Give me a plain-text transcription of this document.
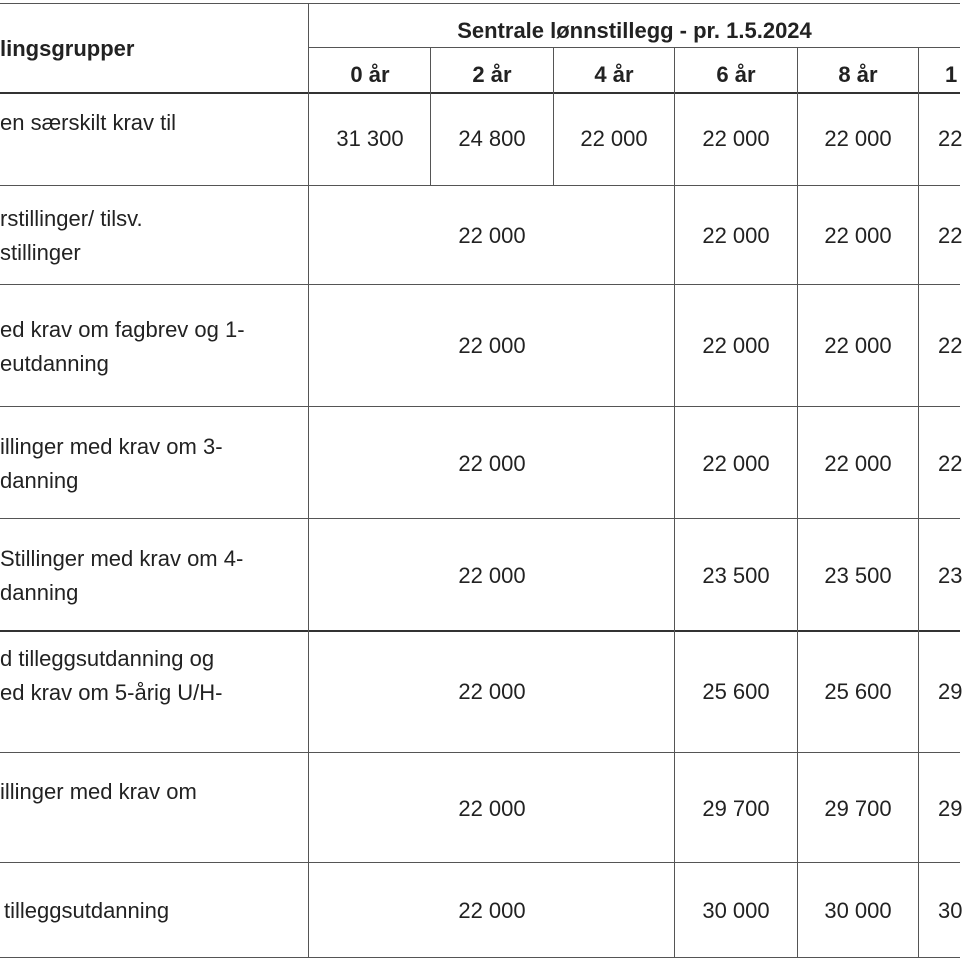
lingsgrupper
Sentrale lønnstillegg - pr. 1.5.2024
0 år	2 år	4 år	6 år	8 år	1
en særskilt krav til
31 300	24 800	22 000	22 000	22 000	22
rstillinger/ tilsv.
stillinger
22 000	22 000	22 000	22
ed krav om fagbrev og 1-
eutdanning
22 000	22 000	22 000	22
illinger med krav om 3-
danning
22 000	22 000	22 000	22
Stillinger med krav om 4-
danning
22 000	23 500	23 500	23
d tilleggsutdanning og
ed krav om 5-årig U/H-	22 000	25 600	25 600	29
illinger med krav om
22 000	29 700	29 700	29
tilleggsutdanning	22 000	30 000	30 000	30
